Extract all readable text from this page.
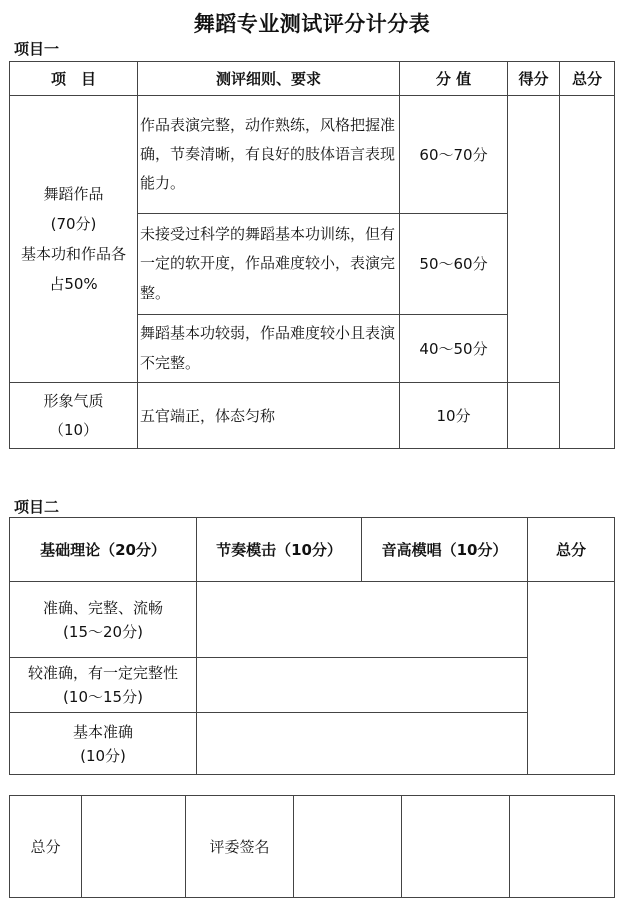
舞蹈专业测试评分计分表
项目一
项　目	测评细则、要求	分 值	得分	总分

舞蹈作品
(70分)
基本功和作品各
占50%	作品表演完整，动作熟练，风格把握准确，节奏清晰，有良好的肢体语言表现能力。	60～70分		
	未接受过科学的舞蹈基本功训练，但有一定的软开度，作品难度较小，表演完整。	50～60分		
	舞蹈基本功较弱，作品难度较小且表演不完整。	40～50分		
形象气质（10）	五官端正，体态匀称	10分		
项目二
基础理论（20分）	节奏模击（10分）	音高模唱（10分）	总分

准确、完整、流畅
(15～20分)			

较准确，有一定完整性
(10～15分)			

基本准确
(10分)			

总分		评委签名			
